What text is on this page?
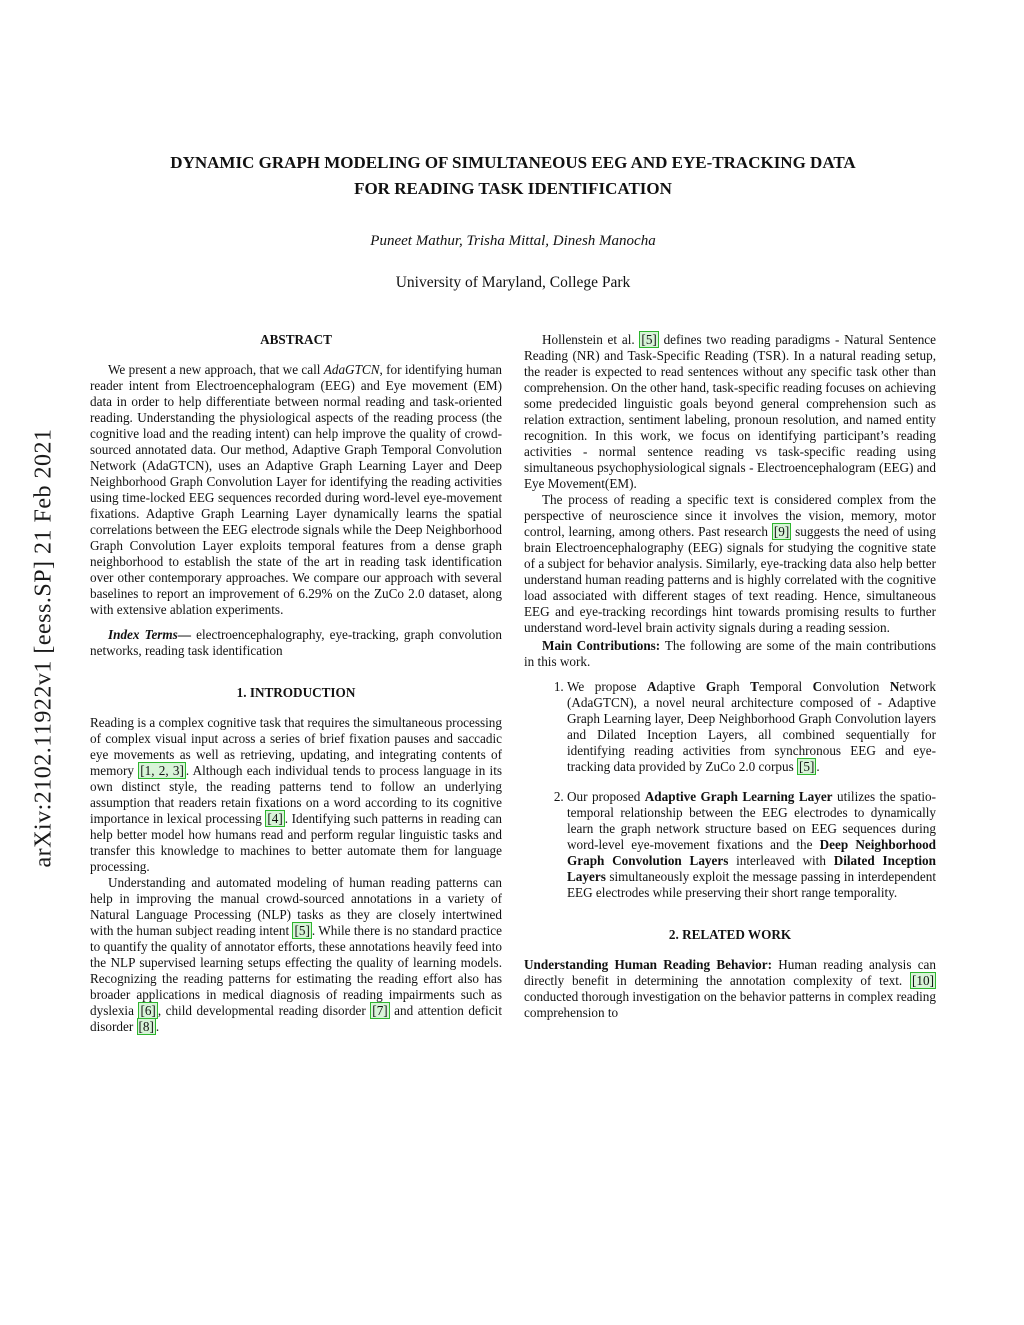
arXiv:2102.11922v1 [eess.SP] 21 Feb 2021
DYNAMIC GRAPH MODELING OF SIMULTANEOUS EEG AND EYE-TRACKING DATA
FOR READING TASK IDENTIFICATION
Puneet Mathur, Trisha Mittal, Dinesh Manocha
University of Maryland, College Park
ABSTRACT

We present a new approach, that we call AdaGTCN, for identifying human reader intent from Electroencephalogram (EEG) and Eye movement (EM) data in order to help differentiate between normal reading and task-oriented reading. Understanding the physiological aspects of the reading process (the cognitive load and the reading intent) can help improve the quality of crowd-sourced annotated data. Our method, Adaptive Graph Temporal Convolution Network (AdaGTCN), uses an Adaptive Graph Learning Layer and Deep Neighborhood Graph Convolution Layer for identifying the reading activities using time-locked EEG sequences recorded during word-level eye-movement fixations. Adaptive Graph Learning Layer dynamically learns the spatial correlations between the EEG electrode signals while the Deep Neighborhood Graph Convolution Layer exploits temporal features from a dense graph neighborhood to establish the state of the art in reading task identification over other contemporary approaches. We compare our approach with several baselines to report an improvement of 6.29% on the ZuCo 2.0 dataset, along with extensive ablation experiments.

Index Terms— electroencephalography, eye-tracking, graph convolution networks, reading task identification

1. INTRODUCTION

Reading is a complex cognitive task that requires the simultaneous processing of complex visual input across a series of brief fixation pauses and saccadic eye movements as well as retrieving, updating, and integrating contents of memory [1, 2, 3] . Although each individual tends to process language in its own distinct style, the reading patterns tend to follow an underlying assumption that readers retain fixations on a word according to its cognitive importance in lexical processing [4] . Identifying such patterns in reading can help better model how humans read and perform regular linguistic tasks and transfer this knowledge to machines to better automate them for language processing.

Understanding and automated modeling of human reading patterns can help in improving the manual crowd-sourced annotations in a variety of Natural Language Processing (NLP) tasks as they are closely intertwined with the human subject reading intent [5] . While there is no standard practice to quantify the quality of annotator efforts, these annotations heavily feed into the NLP supervised learning setups effecting the quality of learning models. Recognizing the reading patterns for estimating the reading effort also has broader applications in medical diagnosis of reading impairments such as dyslexia [6] , child developmental reading disorder [7] and attention deficit disorder [8] .

Hollenstein et al. [5] defines two reading paradigms - Natural Sentence Reading (NR) and Task-Specific Reading (TSR). In a natural reading setup, the reader is expected to read sentences without any specific task other than comprehension. On the other hand, task-specific reading focuses on achieving some predecided linguistic goals beyond general comprehension such as relation extraction, sentiment labeling, pronoun resolution, and named entity recognition. In this work, we focus on identifying participant’s reading activities - normal sentence reading vs task-specific reading using simultaneous psychophysiological signals - Electroencephalogram (EEG) and Eye Movement(EM).

The process of reading a specific text is considered complex from the perspective of neuroscience since it involves the vision, memory, motor control, learning, among others. Past research [9] suggests the need of using brain Electroencephalography (EEG) signals for studying the cognitive state of a subject for behavior analysis. Similarly, eye-tracking data also help better understand human reading patterns and is highly correlated with the cognitive load associated with different stages of text reading. Hence, simultaneous EEG and eye-tracking recordings hint towards promising results to further understand word-level brain activity signals during a reading session.

Main Contributions: The following are some of the main contributions in this work.

1. We propose Adaptive Graph Temporal Convolution Network (AdaGTCN), a novel neural architecture composed of - Adaptive Graph Learning layer, Deep Neighborhood Graph Convolution layers and Dilated Inception Layers, all combined sequentially for identifying reading activities from synchronous EEG and eye-tracking data provided by ZuCo 2.0 corpus [5] .
2. Our proposed Adaptive Graph Learning Layer utilizes the spatio-temporal relationship between the EEG electrodes to dynamically learn the graph network structure based on EEG sequences during word-level eye-movement fixations and the Deep Neighborhood Graph Convolution Layers interleaved with Dilated Inception Layers simultaneously exploit the message passing in interdependent EEG electrodes while preserving their short range temporality.
2. RELATED WORK

Understanding Human Reading Behavior: Human reading analysis can directly benefit in determining the annotation complexity of text. [10] conducted thorough investigation on the behavior patterns in complex reading comprehension to
